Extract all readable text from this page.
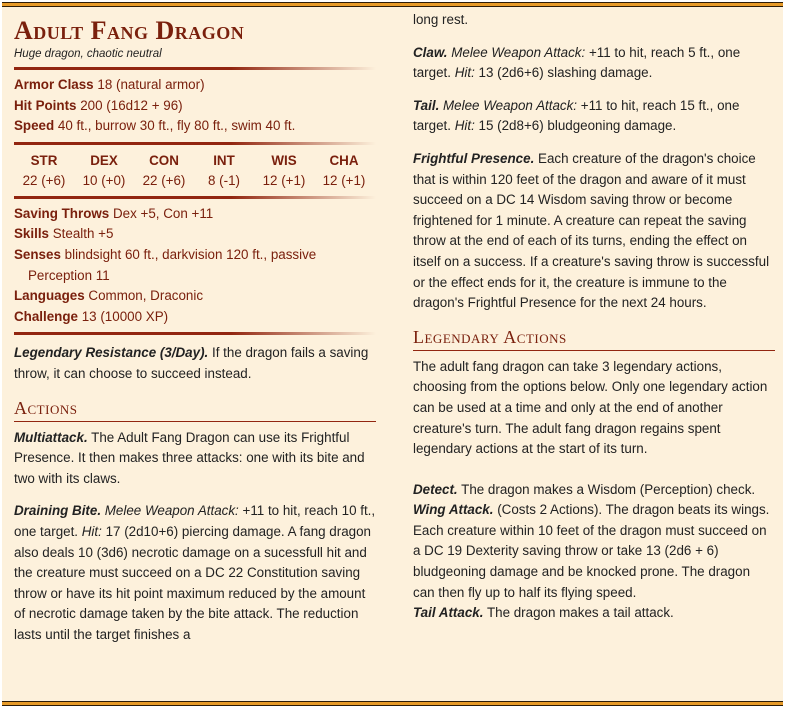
Adult Fang Dragon
Huge dragon, chaotic neutral
Armor Class 18 (natural armor)
Hit Points 200 (16d12 + 96)
Speed 40 ft., burrow 30 ft., fly 80 ft., swim 40 ft.
STR
22 (+6)
DEX
10 (+0)
CON
22 (+6)
INT
8 (-1)
WIS
12 (+1)
CHA
12 (+1)
Saving Throws Dex +5, Con +11
Skills Stealth +5
Senses blindsight 60 ft., darkvision 120 ft., passive
Perception 11
Languages Common, Draconic
Challenge 13 (10000 XP)

Legendary Resistance (3/Day). If the dragon fails a saving throw, it can choose to succeed instead.

Actions

Multiattack. The Adult Fang Dragon can use its Frightful Presence. It then makes three attacks: one with its bite and two with its claws.

Draining Bite. Melee Weapon Attack: +11 to hit, reach 10 ft., one target. Hit: 17 (2d10+6) piercing damage. A fang dragon also deals 10 (3d6) necrotic damage on a sucessfull hit and the creature must succeed on a DC 22 Constitution saving throw or have its hit point maximum reduced by the amount of necrotic damage taken by the bite attack. The reduction lasts until the target finishes a

long rest.

Claw. Melee Weapon Attack: +11 to hit, reach 5 ft., one target. Hit: 13 (2d6+6) slashing damage.

Tail. Melee Weapon Attack: +11 to hit, reach 15 ft., one target. Hit: 15 (2d8+6) bludgeoning damage.

Frightful Presence. Each creature of the dragon's choice that is within 120 feet of the dragon and aware of it must succeed on a DC 14 Wisdom saving throw or become frightened for 1 minute. A creature can repeat the saving throw at the end of each of its turns, ending the effect on itself on a success. If a creature's saving throw is successful or the effect ends for it, the creature is immune to the dragon's Frightful Presence for the next 24 hours.

Legendary Actions

The adult fang dragon can take 3 legendary actions, choosing from the options below. Only one legendary action can be used at a time and only at the end of another creature's turn. The adult fang dragon regains spent legendary actions at the start of its turn.

Detect. The dragon makes a Wisdom (Perception) check.

Wing Attack. (Costs 2 Actions). The dragon beats its wings. Each creature within 10 feet of the dragon must succeed on a DC 19 Dexterity saving throw or take 13 (2d6 + 6) bludgeoning damage and be knocked prone. The dragon can then fly up to half its flying speed.

Tail Attack. The dragon makes a tail attack.
